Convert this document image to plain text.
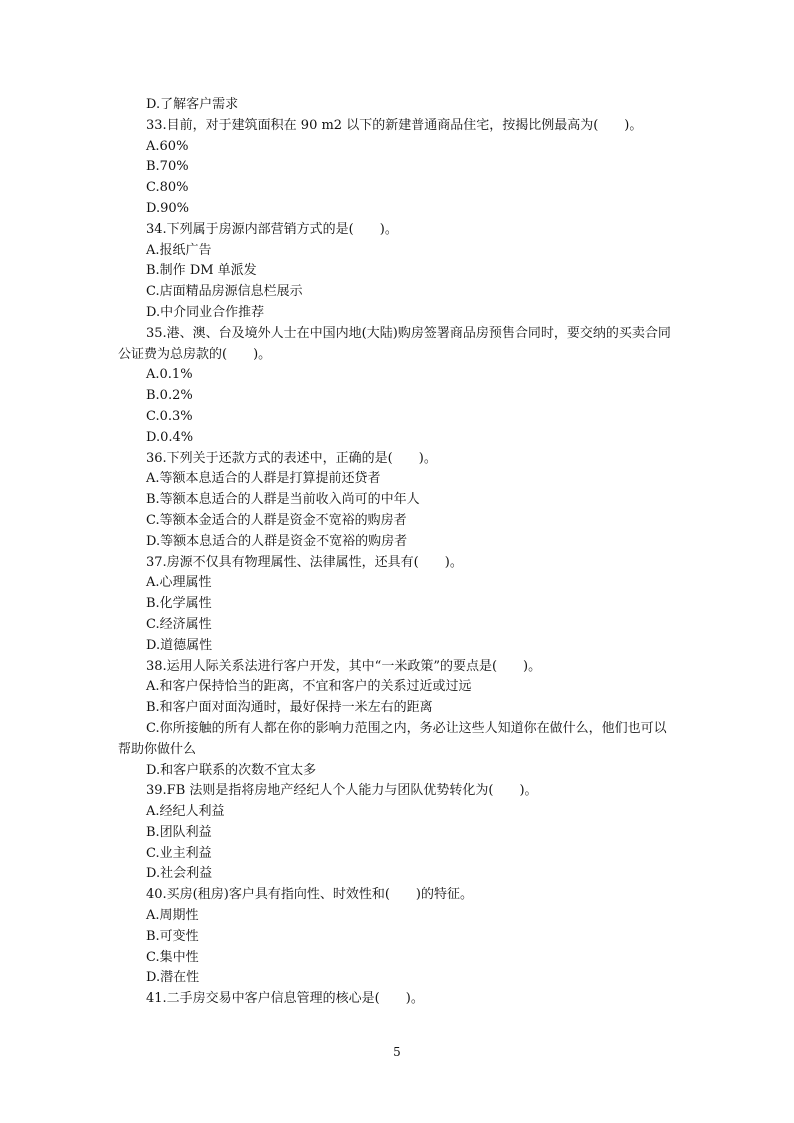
D.了解客户需求
33.目前，对于建筑面积在 90 m2 以下的新建普通商品住宅，按揭比例最高为(　　)。
A.60%
B.70%
C.80%
D.90%
34.下列属于房源内部营销方式的是(　　)。
A.报纸广告
B.制作 DM 单派发
C.店面精品房源信息栏展示
D.中介同业合作推荐
35.港、澳、台及境外人士在中国内地(大陆)购房签署商品房预售合同时，要交纳的买卖合同公证费为总房款的(　　)。
A.0.1%
B.0.2%
C.0.3%
D.0.4%
36.下列关于还款方式的表述中，正确的是(　　)。
A.等额本息适合的人群是打算提前还贷者
B.等额本息适合的人群是当前收入尚可的中年人
C.等额本金适合的人群是资金不宽裕的购房者
D.等额本息适合的人群是资金不宽裕的购房者
37.房源不仅具有物理属性、法律属性，还具有(　　)。
A.心理属性
B.化学属性
C.经济属性
D.道德属性
38.运用人际关系法进行客户开发，其中“一米政策”的要点是(　　)。
A.和客户保持恰当的距离，不宜和客户的关系过近或过远
B.和客户面对面沟通时，最好保持一米左右的距离
C.你所接触的所有人都在你的影响力范围之内，务必让这些人知道你在做什么，他们也可以帮助你做什么
D.和客户联系的次数不宜太多
39.FB 法则是指将房地产经纪人个人能力与团队优势转化为(　　)。
A.经纪人利益
B.团队利益
C.业主利益
D.社会利益
40.买房(租房)客户具有指向性、时效性和(　　)的特征。
A.周期性
B.可变性
C.集中性
D.潜在性
41.二手房交易中客户信息管理的核心是(　　)。
5
